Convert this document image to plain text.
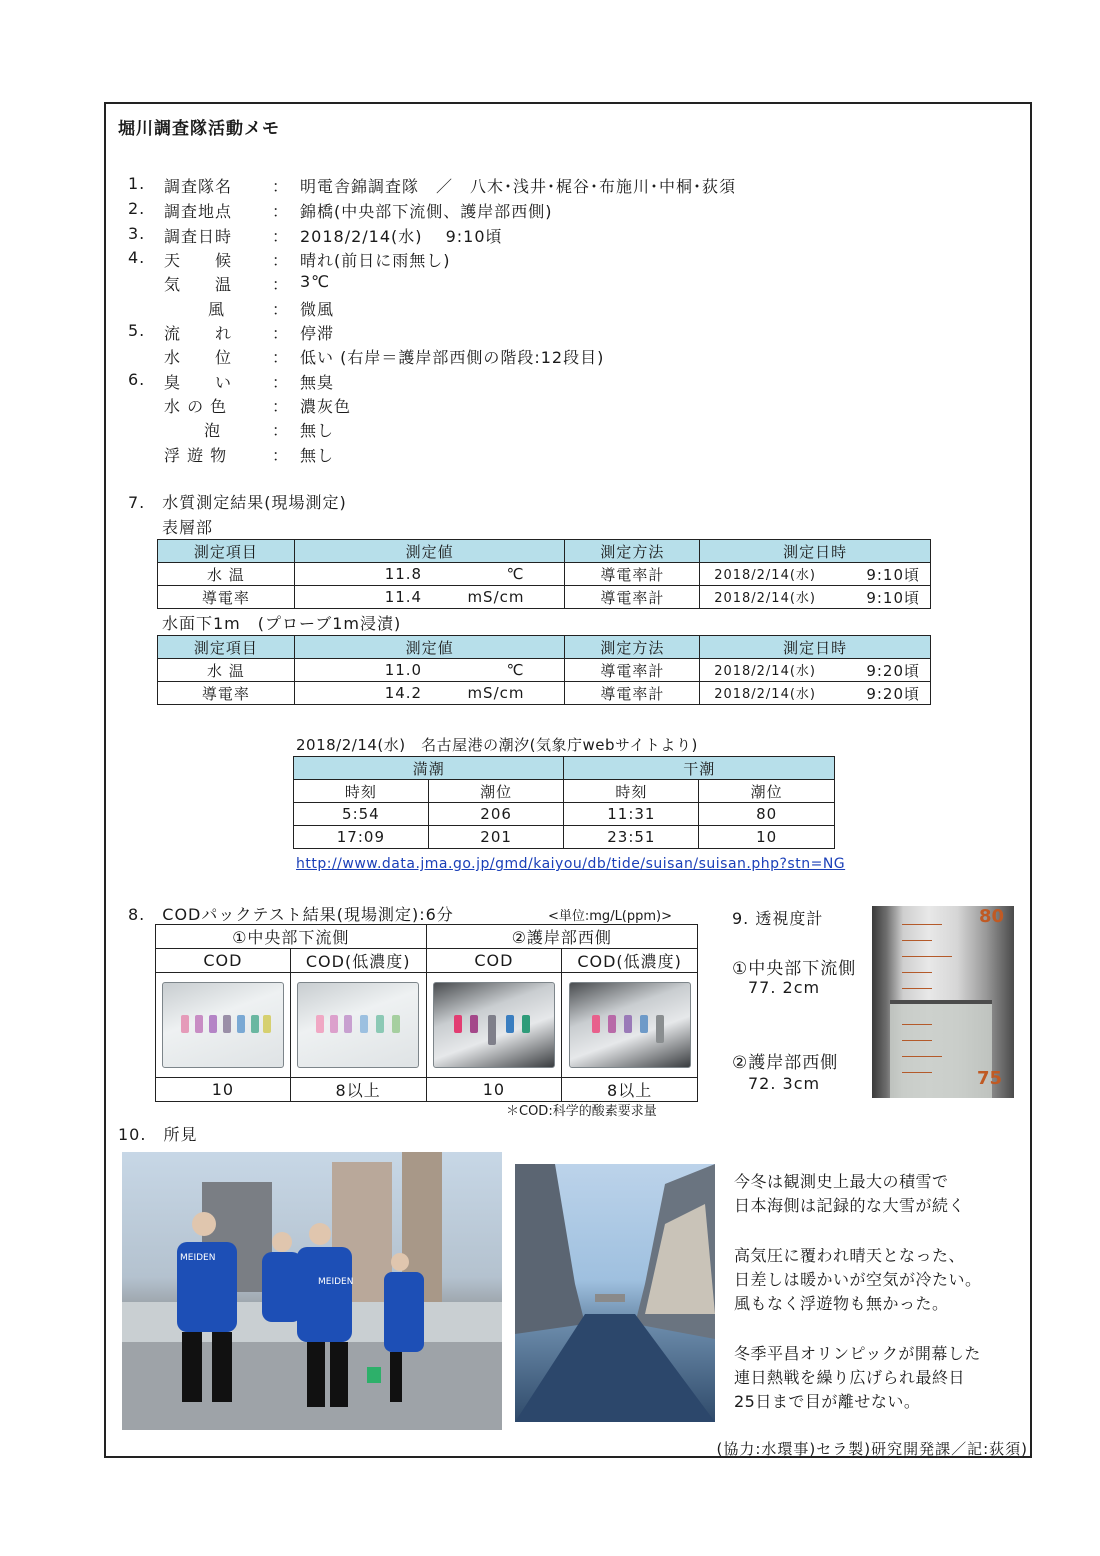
堀川調査隊活動メモ
1.	調査隊名	： 明電舎錦調査隊　／　八木･浅井･梶谷･布施川･中桐･荻須
2.	調査地点	： 錦橋(中央部下流側、護岸部西側)
3.	調査日時	： 2018/2/14(水)　 9:10頃
4.	天　　候	： 晴れ(前日に雨無し)
気　　温	： 3℃
風	： 微風
5.	流　　れ	： 停滞
水　　位	： 低い (右岸＝護岸部西側の階段:12段目)
6.	臭　　い	： 無臭
水 の 色	： 濃灰色
泡	： 無し
浮 遊 物	： 無し
7.　水質測定結果(現場測定)
表層部
測定項目	測定値	測定方法	測定日時
水 温	11.8 ℃	導電率計	2018/2/14(水) 9:10頃

導電率	11.4 mS/cm	導電率計	2018/2/14(水) 9:10頃
水面下1m　(プローブ1m浸漬)
測定項目	測定値	測定方法	測定日時
水 温	11.0 ℃	導電率計	2018/2/14(水) 9:20頃

導電率	14.2 mS/cm	導電率計	2018/2/14(水) 9:20頃
2018/2/14(水)　名古屋港の潮汐(気象庁webサイトより)
満潮		干潮	
時刻	潮位	時刻	潮位
5:54	206	11:31	80
17:09	201	23:51	10
http://www.data.jma.go.jp/gmd/kaiyou/db/tide/suisan/suisan.php?stn=NG
8.　CODパックテスト結果(現場測定):6分	<単位:mg/L(ppm)>
①中央部下流側		②護岸部西側	
COD	COD(低濃度)	COD	COD(低濃度)

10	8以上	10	8以上
＊COD:科学的酸素要求量
9. 透視度計
①中央部下流側
77. 2cm
②護岸部西側
72. 3cm
80
75
10.　所見
MEIDEN
MEIDEN
今冬は観測史上最大の積雪で
日本海側は記録的な大雪が続く
高気圧に覆われ晴天となった、
日差しは暖かいが空気が冷たい。
風もなく浮遊物も無かった。
冬季平昌オリンピックが開幕した
連日熱戦を繰り広げられ最終日
25日まで目が離せない。
(協力:水環事)セラ製)研究開発課／記:荻須)
